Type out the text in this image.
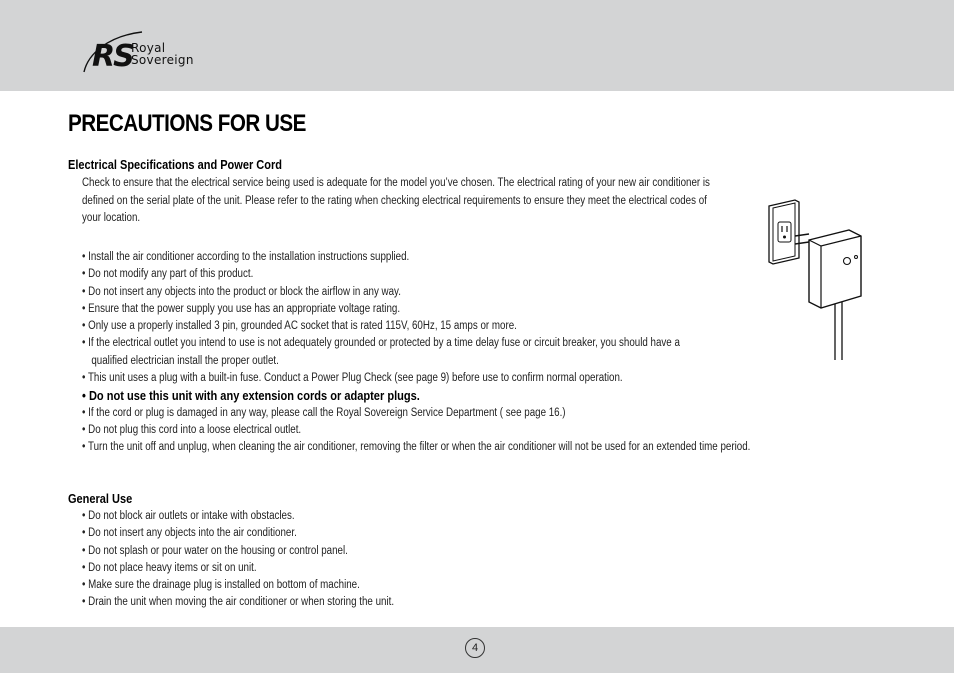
RS
Royal
Sovereign
PRECAUTIONS FOR USE
Electrical Specifications and Power Cord
Check to ensure that the electrical service being used is adequate for the model you’ve chosen. The electrical rating of your new air conditioner is
defined on the serial plate of the unit. Please refer to the rating when checking electrical requirements to ensure they meet the electrical codes of
your location.
• Install the air conditioner according to the installation instructions supplied.
• Do not modify any part of this product.
• Do not insert any objects into the product or block the airflow in any way.
• Ensure that the power supply you use has an appropriate voltage rating.
• Only use a properly installed 3 pin, grounded AC socket that is rated 115V, 60Hz, 15 amps or more.
• If the electrical outlet you intend to use is not adequately grounded or protected by a time delay fuse or circuit breaker, you should have a
qualified electrician install the proper outlet.
• This unit uses a plug with a built-in fuse. Conduct a Power Plug Check (see page 9) before use to confirm normal operation.
• Do not use this unit with any extension cords or adapter plugs.
• If the cord or plug is damaged in any way, please call the Royal Sovereign Service Department ( see page 16.)
• Do not plug this cord into a loose electrical outlet.
• Turn the unit off and unplug, when cleaning the air conditioner, removing the filter or when the air conditioner will not be used for an extended time period.
General Use
• Do not block air outlets or intake with obstacles.
• Do not insert any objects into the air conditioner.
• Do not splash or pour water on the housing or control panel.
• Do not place heavy items or sit on unit.
• Make sure the drainage plug is installed on bottom of machine.
• Drain the unit when moving the air conditioner or when storing the unit.
4
